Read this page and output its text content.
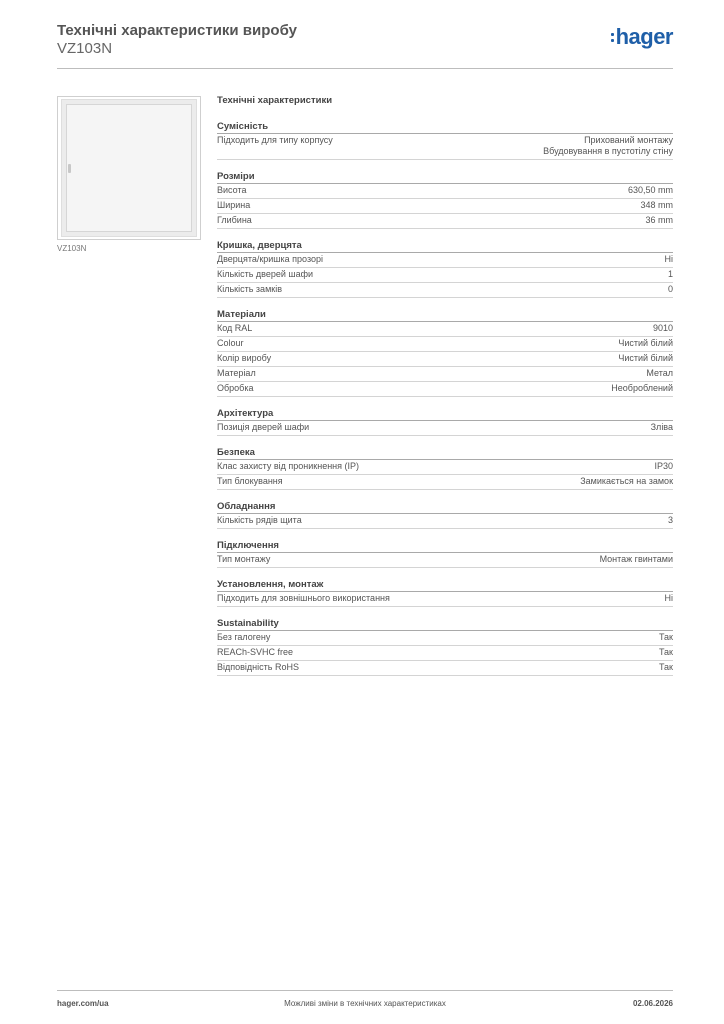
Технічні характеристики виробу
VZ103N	hager
VZ103N
Технічні характеристики
Сумісність
Підходить для типу корпусу	Прихований монтажу
Вбудовування в пустотілу стіну
Розміри
Висота	630,50 mm
Ширина	348 mm
Глибина	36 mm
Кришка, дверцята
Дверцята/кришка прозорі	Ні
Кількість дверей шафи	1
Кількість замків	0
Матеріали
Код RAL	9010
Colour	Чистий білий
Колір виробу	Чистий білий
Матеріал	Метал
Обробка	Необроблений
Архітектура
Позиція дверей шафи	Зліва
Безпека
Клас захисту від проникнення (IP)	IP30
Тип блокування	Замикається на замок
Обладнання
Кількість рядів щита	3
Підключення
Тип монтажу	Монтаж гвинтами
Установлення, монтаж
Підходить для зовнішнього використання	Ні
Sustainability
Без галогену	Так
REACh-SVHC free	Так
Відповідність RoHS	Так
hager.com/ua	Можливі зміни в технічних характеристиках	02.06.2026
